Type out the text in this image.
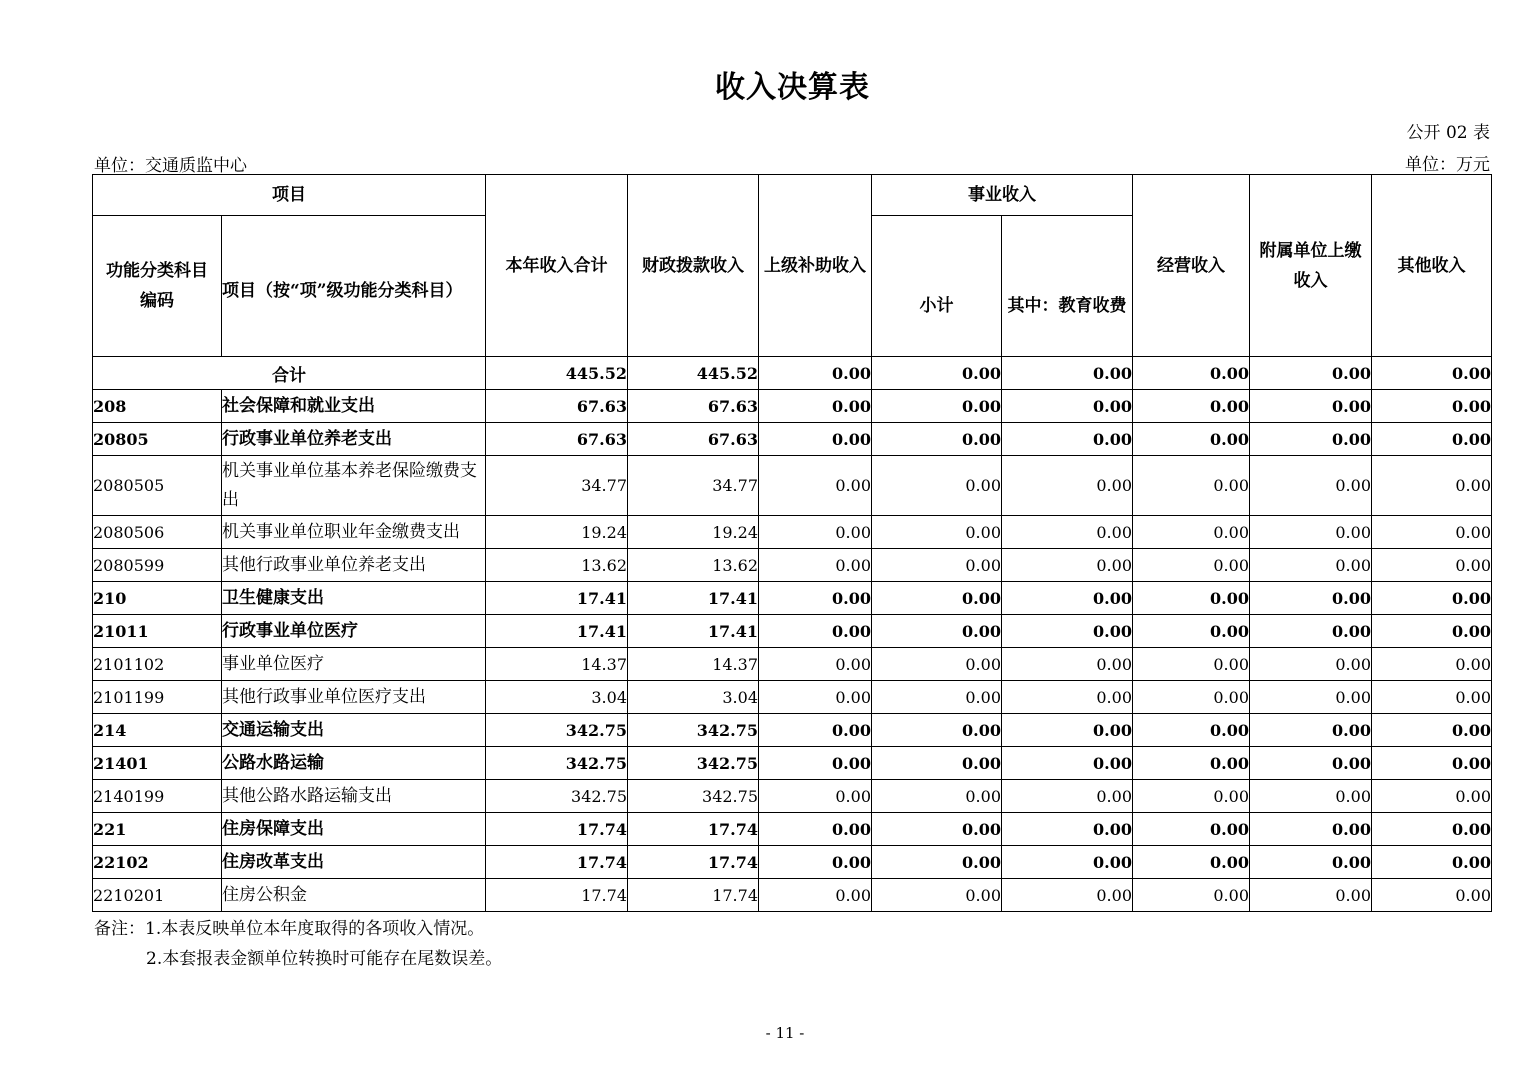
收入决算表
公开 02 表
单位：交通质监中心	单位：万元
项目		本年收入合计	财政拨款收入	上级补助收入	事业收入		经营收入	附属单位上缴收入	其他收入
功能分类科目编码	项目（按“项”级功能分类科目）				小计	其中：教育收费			
合计		445.52	445.52	0.00	0.00	0.00	0.00	0.00	0.00
208	社会保障和就业支出	67.63	67.63	0.00	0.00	0.00	0.00	0.00	0.00
20805	行政事业单位养老支出	67.63	67.63	0.00	0.00	0.00	0.00	0.00	0.00
2080505	机关事业单位基本养老保险缴费支出	34.77	34.77	0.00	0.00	0.00	0.00	0.00	0.00
2080506	机关事业单位职业年金缴费支出	19.24	19.24	0.00	0.00	0.00	0.00	0.00	0.00
2080599	其他行政事业单位养老支出	13.62	13.62	0.00	0.00	0.00	0.00	0.00	0.00
210	卫生健康支出	17.41	17.41	0.00	0.00	0.00	0.00	0.00	0.00
21011	行政事业单位医疗	17.41	17.41	0.00	0.00	0.00	0.00	0.00	0.00
2101102	事业单位医疗	14.37	14.37	0.00	0.00	0.00	0.00	0.00	0.00
2101199	其他行政事业单位医疗支出	3.04	3.04	0.00	0.00	0.00	0.00	0.00	0.00
214	交通运输支出	342.75	342.75	0.00	0.00	0.00	0.00	0.00	0.00
21401	公路水路运输	342.75	342.75	0.00	0.00	0.00	0.00	0.00	0.00
2140199	其他公路水路运输支出	342.75	342.75	0.00	0.00	0.00	0.00	0.00	0.00
221	住房保障支出	17.74	17.74	0.00	0.00	0.00	0.00	0.00	0.00
22102	住房改革支出	17.74	17.74	0.00	0.00	0.00	0.00	0.00	0.00
2210201	住房公积金	17.74	17.74	0.00	0.00	0.00	0.00	0.00	0.00
备注：1.本表反映单位本年度取得的各项收入情况。
2.本套报表金额单位转换时可能存在尾数误差。
- 11 -
